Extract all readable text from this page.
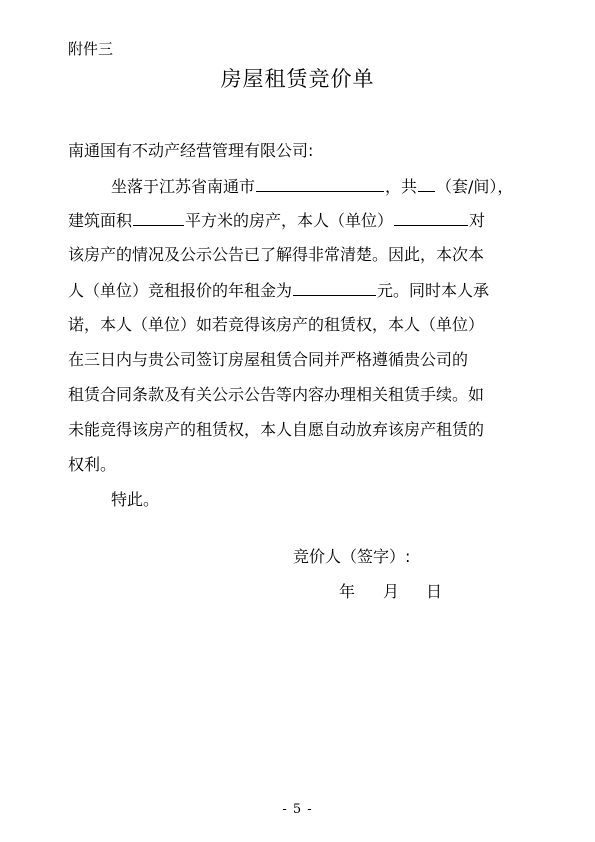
附件三
房屋租赁竞价单
南通国有不动产经营管理有限公司:
坐落于江苏省南通市	，共 （套/间），
建筑面积	平方米的房产，本人（单位）	对
该房产的情况及公示公告已了解得非常清楚。因此，本次本
人（单位）竞租报价的年租金为	元。同时本人承
诺，本人（单位）如若竞得该房产的租赁权，本人（单位）
在三日内与贵公司签订房屋租赁合同并严格遵循贵公司的
租赁合同条款及有关公示公告等内容办理相关租赁手续。如
未能竞得该房产的租赁权，本人自愿自动放弃该房产租赁的
权利。
特此。
竞价人（签字）:
年 月 日
- 5 -
